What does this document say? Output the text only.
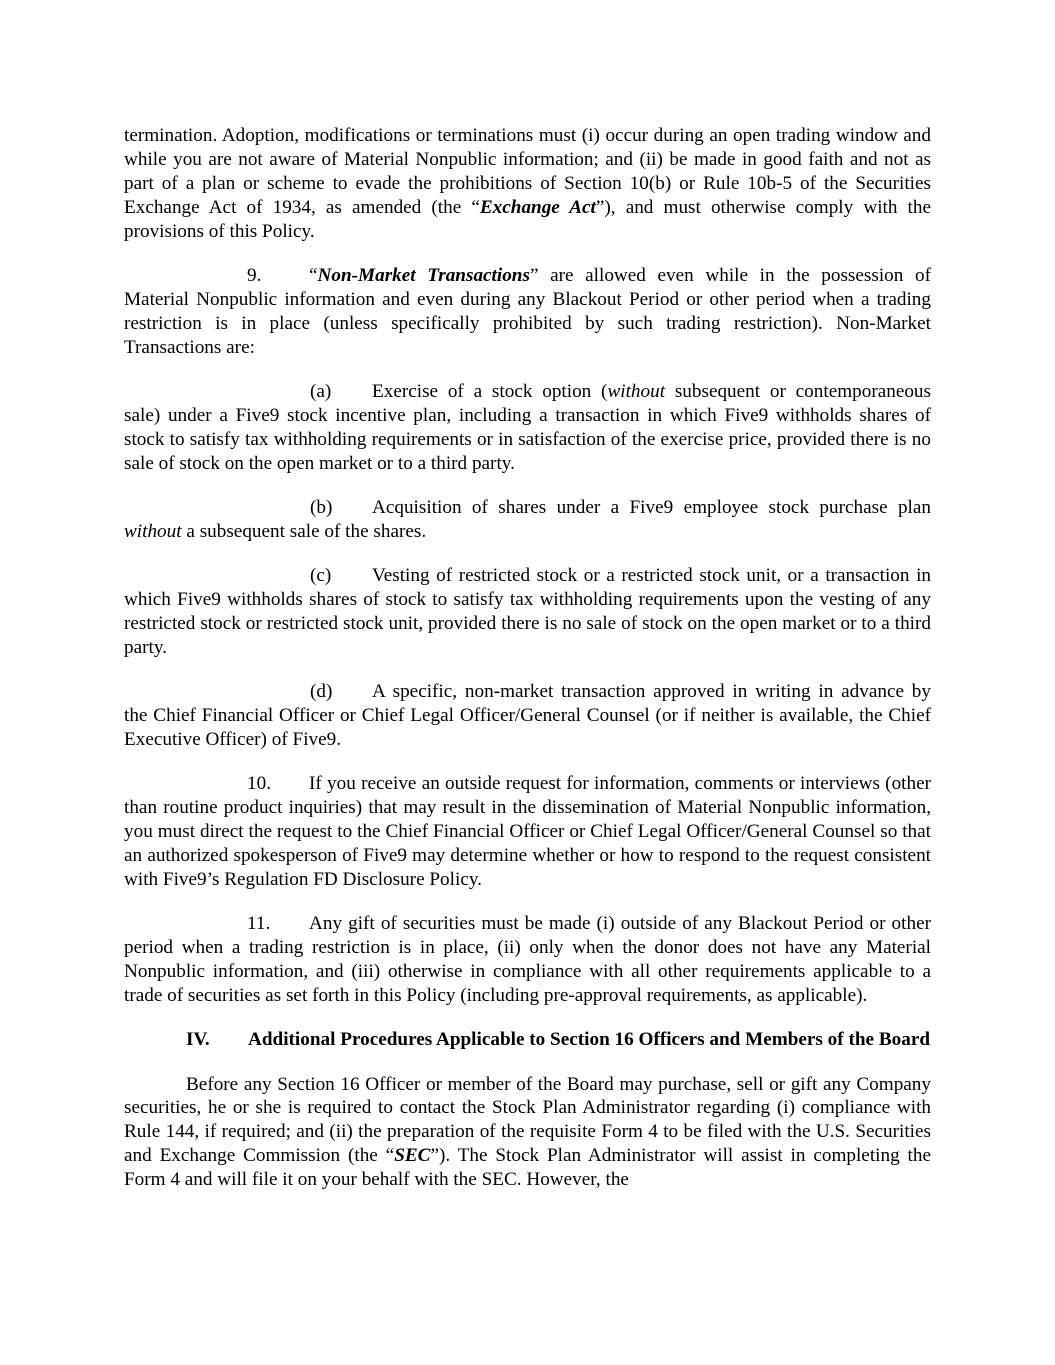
termination. Adoption, modifications or terminations must (i) occur during an open trading window and while you are not aware of Material Nonpublic information; and (ii) be made in good faith and not as part of a plan or scheme to evade the prohibitions of Section 10(b) or Rule 10b-5 of the Securities Exchange Act of 1934, as amended (the “Exchange Act”), and must otherwise comply with the provisions of this Policy.

9. “Non-Market Transactions” are allowed even while in the possession of Material Nonpublic information and even during any Blackout Period or other period when a trading restriction is in place (unless specifically prohibited by such trading restriction). Non-Market Transactions are:

(a) Exercise of a stock option (without subsequent or contemporaneous sale) under a Five9 stock incentive plan, including a transaction in which Five9 withholds shares of stock to satisfy tax withholding requirements or in satisfaction of the exercise price, provided there is no sale of stock on the open market or to a third party.

(b) Acquisition of shares under a Five9 employee stock purchase plan without a subsequent sale of the shares.

(c) Vesting of restricted stock or a restricted stock unit, or a transaction in which Five9 withholds shares of stock to satisfy tax withholding requirements upon the vesting of any restricted stock or restricted stock unit, provided there is no sale of stock on the open market or to a third party.

(d) A specific, non-market transaction approved in writing in advance by the Chief Financial Officer or Chief Legal Officer/General Counsel (or if neither is available, the Chief Executive Officer) of Five9.

10. If you receive an outside request for information, comments or interviews (other than routine product inquiries) that may result in the dissemination of Material Nonpublic information, you must direct the request to the Chief Financial Officer or Chief Legal Officer/General Counsel so that an authorized spokesperson of Five9 may determine whether or how to respond to the request consistent with Five9’s Regulation FD Disclosure Policy.

11. Any gift of securities must be made (i) outside of any Blackout Period or other period when a trading restriction is in place, (ii) only when the donor does not have any Material Nonpublic information, and (iii) otherwise in compliance with all other requirements applicable to a trade of securities as set forth in this Policy (including pre-approval requirements, as applicable).

IV.	Additional Procedures Applicable to Section 16 Officers and Members of the Board

Before any Section 16 Officer or member of the Board may purchase, sell or gift any Company securities, he or she is required to contact the Stock Plan Administrator regarding (i) compliance with Rule 144, if required; and (ii) the preparation of the requisite Form 4 to be filed with the U.S. Securities and Exchange Commission (the “SEC”). The Stock Plan Administrator will assist in completing the Form 4 and will file it on your behalf with the SEC. However, the
